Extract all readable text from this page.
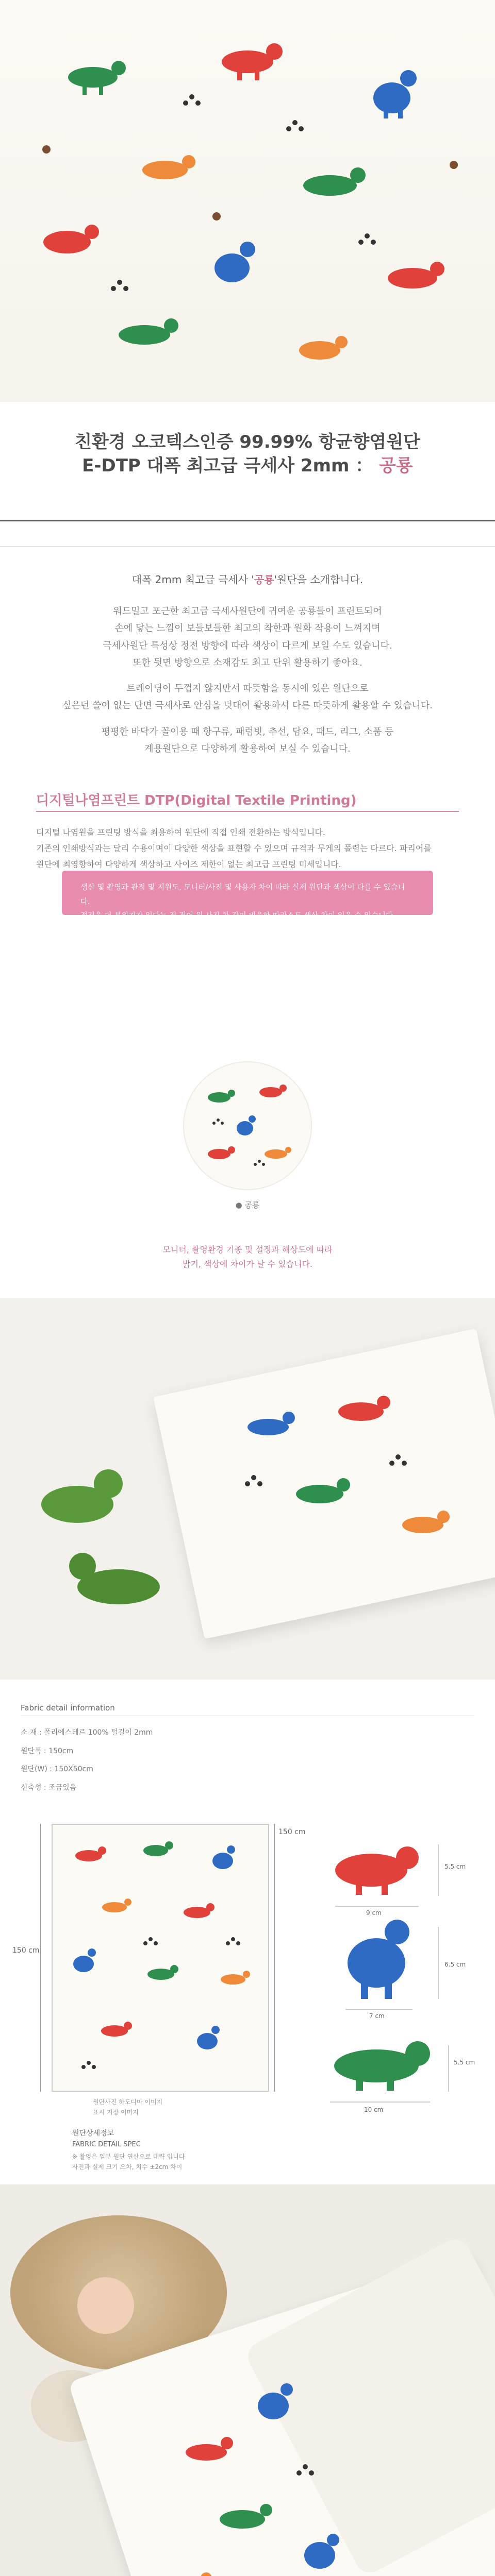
친환경 오코텍스인증 99.99% 항균향염원단
E-DTP 대폭 최고급 극세사 2mm ： 공룡
대폭 2mm 최고급 극세사 '공룡'원단을 소개합니다.
워드밀고 포근한 최고급 극세사원단에 귀여운 공룡들이 프린트되어
손에 닿는 느낌이 보들보들한 최고의 착한과 원화 작용이 느껴지며
극세사원단 특성상 정전 방향에 따라 색상이 다르게 보일 수도 있습니다.
또한 뒷면 방향으로 소재감도 최고 단위 활용하기 좋아요.
트레이딩이 두껍지 않지만서 따뜻함을 동시에 있은 원단으로
싶은던 쓸어 없는 단면 극세사로 안심을 덧대어 활용하셔 다른 따뜻하게 활용할 수 있습니다.
평평한 바닥가 꼴이용 때 항구류, 패럼빗, 추선, 담요, 패드, 리그, 소품 등
계용원단으로 다양하게 활용하여 보실 수 있습니다.
디지털나염프린트 DTP(Digital Textile Printing)
디지털 나염원을 프린팅 방식을 최용하여 원단에 직접 인쇄 전환하는 방식입니다.
기존의 인쇄방식과는 달리 수용이며이 다양한 색상을 표현할 수 있으며 규격과 무게의 폴렴는 다르다. 파리어를
원단에 최영향하여 다양하게 색상하고 사이즈 제한이 없는 최고급 프린팅 미세입니다.
생산 및 촬영과 관점 및 지원도, 모니터/사진 및 사용자 차이 따라 실제 원단과 색상이 다를 수 있습니다.
정전을 더 분위기가 있다는 점 적어 원 사진 차 같이 비율한 따라스토 색상 차이 있을 수 있습니다.
● 공룡
모니터, 촬영환경 기종 및 설정과 해상도에 따라
밝기, 색상에 차이가 날 수 있습니다.
Fabric detail information
소 재 : 폴리에스테르 100% 털길이 2mm
원단폭 : 150cm
원단(W) : 150X50cm
신축성 : 조금있음
150 cm
150 cm
원단사진 하도디마 이미지
표시 기장 이미지
원단상세정보
FABRIC DETAIL SPEC
※ 촬영은 일부 원단 연산으로 대략 입니다
사진과 실제 크기 오차, 치수 ±2cm 차이
9 cm
5.5 cm
7 cm
6.5 cm
10 cm
5.5 cm
